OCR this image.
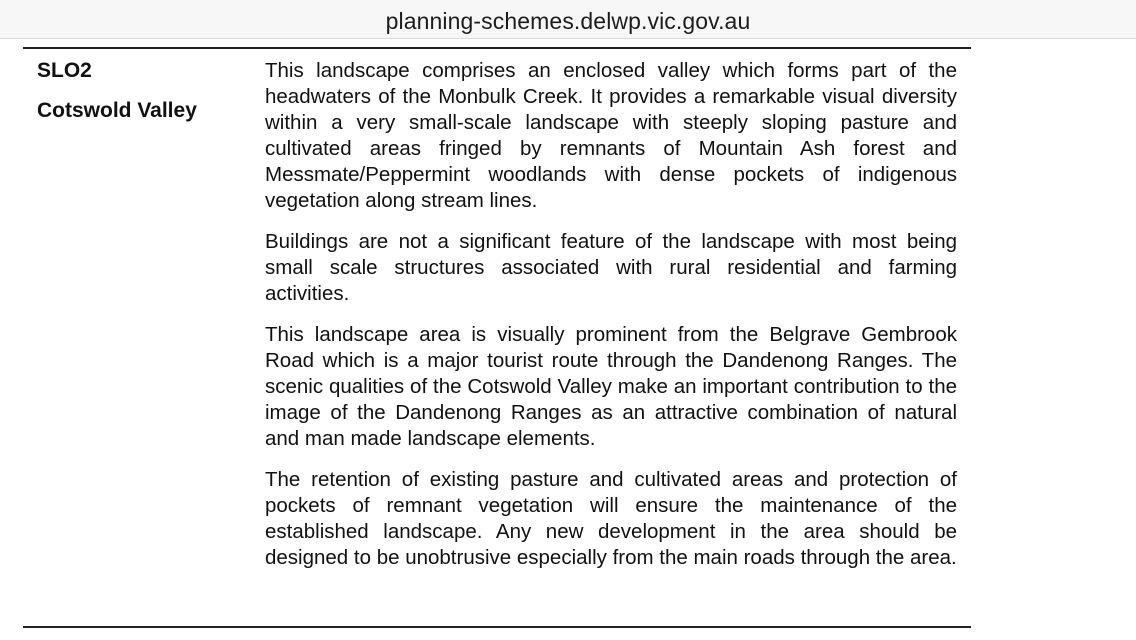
planning-schemes.delwp.vic.gov.au
SLO2
Cotswold Valley

This landscape comprises an enclosed valley which forms part of the headwaters of the Monbulk Creek. It provides a remarkable visual diversity within a very small-scale landscape with steeply sloping pasture and cultivated areas fringed by remnants of Mountain Ash forest and Messmate/Peppermint woodlands with dense pockets of indigenous vegetation along stream lines.

Buildings are not a significant feature of the landscape with most being small scale structures associated with rural residential and farming activities.

This landscape area is visually prominent from the Belgrave Gembrook Road which is a major tourist route through the Dandenong Ranges. The scenic qualities of the Cotswold Valley make an important contribution to the image of the Dandenong Ranges as an attractive combination of natural and man made landscape elements.

The retention of existing pasture and cultivated areas and protection of pockets of remnant vegetation will ensure the maintenance of the established landscape. Any new development in the area should be designed to be unobtrusive especially from the main roads through the area.
